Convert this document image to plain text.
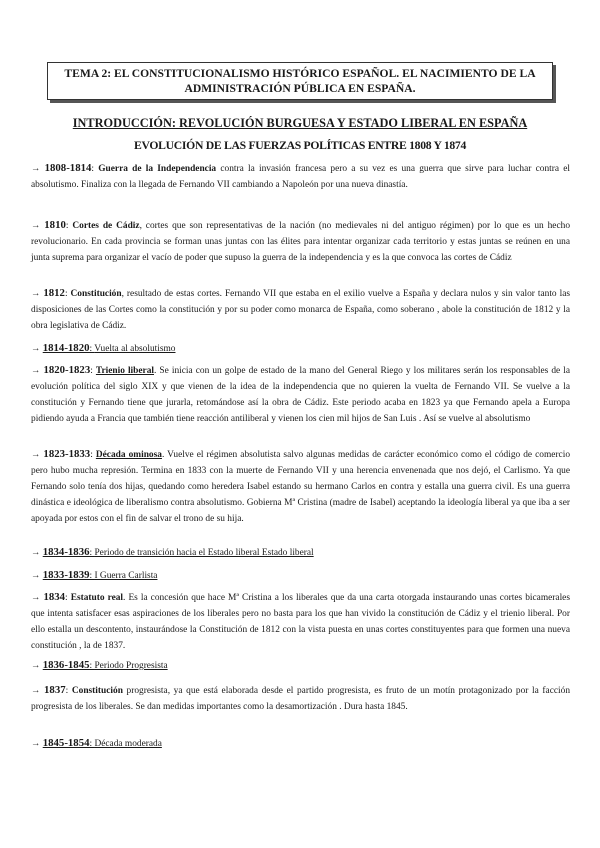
TEMA 2: EL CONSTITUCIONALISMO HISTÓRICO ESPAÑOL. EL NACIMIENTO DE LA
ADMINISTRACIÓN PÚBLICA EN ESPAÑA.
INTRODUCCIÓN: REVOLUCIÓN BURGUESA Y ESTADO LIBERAL EN ESPAÑA
EVOLUCIÓN DE LAS FUERZAS POLÍTICAS ENTRE 1808 Y 1874
→ 1808-1814: Guerra de la Independencia contra la invasión francesa pero a su vez es una guerra que sirve para luchar contra el absolutismo. Finaliza con la llegada de Fernando VII cambiando a Napoleón por una nueva dinastía.
→ 1810: Cortes de Cádiz, cortes que son representativas de la nación (no medievales ni del antiguo régimen) por lo que es un hecho revolucionario. En cada provincia se forman unas juntas con las élites para intentar organizar cada territorio y estas juntas se reúnen en una junta suprema para organizar el vacío de poder que supuso la guerra de la independencia y es la que convoca las cortes de Cádiz
→ 1812: Constitución, resultado de estas cortes. Fernando VII que estaba en el exilio vuelve a España y declara nulos y sin valor tanto las disposiciones de las Cortes como la constitución y por su poder como monarca de España, como soberano , abole la constitución de 1812 y la obra legislativa de Cádiz.
→ 1814-1820: Vuelta al absolutismo
→ 1820-1823: Trienio liberal. Se inicia con un golpe de estado de la mano del General Riego y los militares serán los responsables de la evolución política del siglo XIX y que vienen de la idea de la independencia que no quieren la vuelta de Fernando VII. Se vuelve a la constitución y Fernando tiene que jurarla, retomándose así la obra de Cádiz. Este periodo acaba en 1823 ya que Fernando apela a Europa pidiendo ayuda a Francia que también tiene reacción antiliberal y vienen los cien mil hijos de San Luis . Así se vuelve al absolutismo
→ 1823-1833: Década ominosa. Vuelve el régimen absolutista salvo algunas medidas de carácter económico como el código de comercio pero hubo mucha represión. Termina en 1833 con la muerte de Fernando VII y una herencia envenenada que nos dejó, el Carlismo. Ya que Fernando solo tenía dos hijas, quedando como heredera Isabel estando su hermano Carlos en contra y estalla una guerra civil. Es una guerra dinástica e ideológica de liberalismo contra absolutismo. Gobierna Mª Cristina (madre de Isabel) aceptando la ideología liberal ya que iba a ser apoyada por estos con el fin de salvar el trono de su hija.
→ 1834-1836: Periodo de transición hacia el Estado liberal Estado liberal
→ 1833-1839: I Guerra Carlista
→ 1834: Estatuto real. Es la concesión que hace Mª Cristina a los liberales que da una carta otorgada instaurando unas cortes bicamerales que intenta satisfacer esas aspiraciones de los liberales pero no basta para los que han vivido la constitución de Cádiz y el trienio liberal. Por ello estalla un descontento, instaurándose la Constitución de 1812 con la vista puesta en unas cortes constituyentes para que formen una nueva constitución , la de 1837.
→ 1836-1845: Periodo Progresista
→ 1837: Constitución progresista, ya que está elaborada desde el partido progresista, es fruto de un motín protagonizado por la facción progresista de los liberales. Se dan medidas importantes como la desamortización . Dura hasta 1845.
→ 1845-1854: Década moderada
